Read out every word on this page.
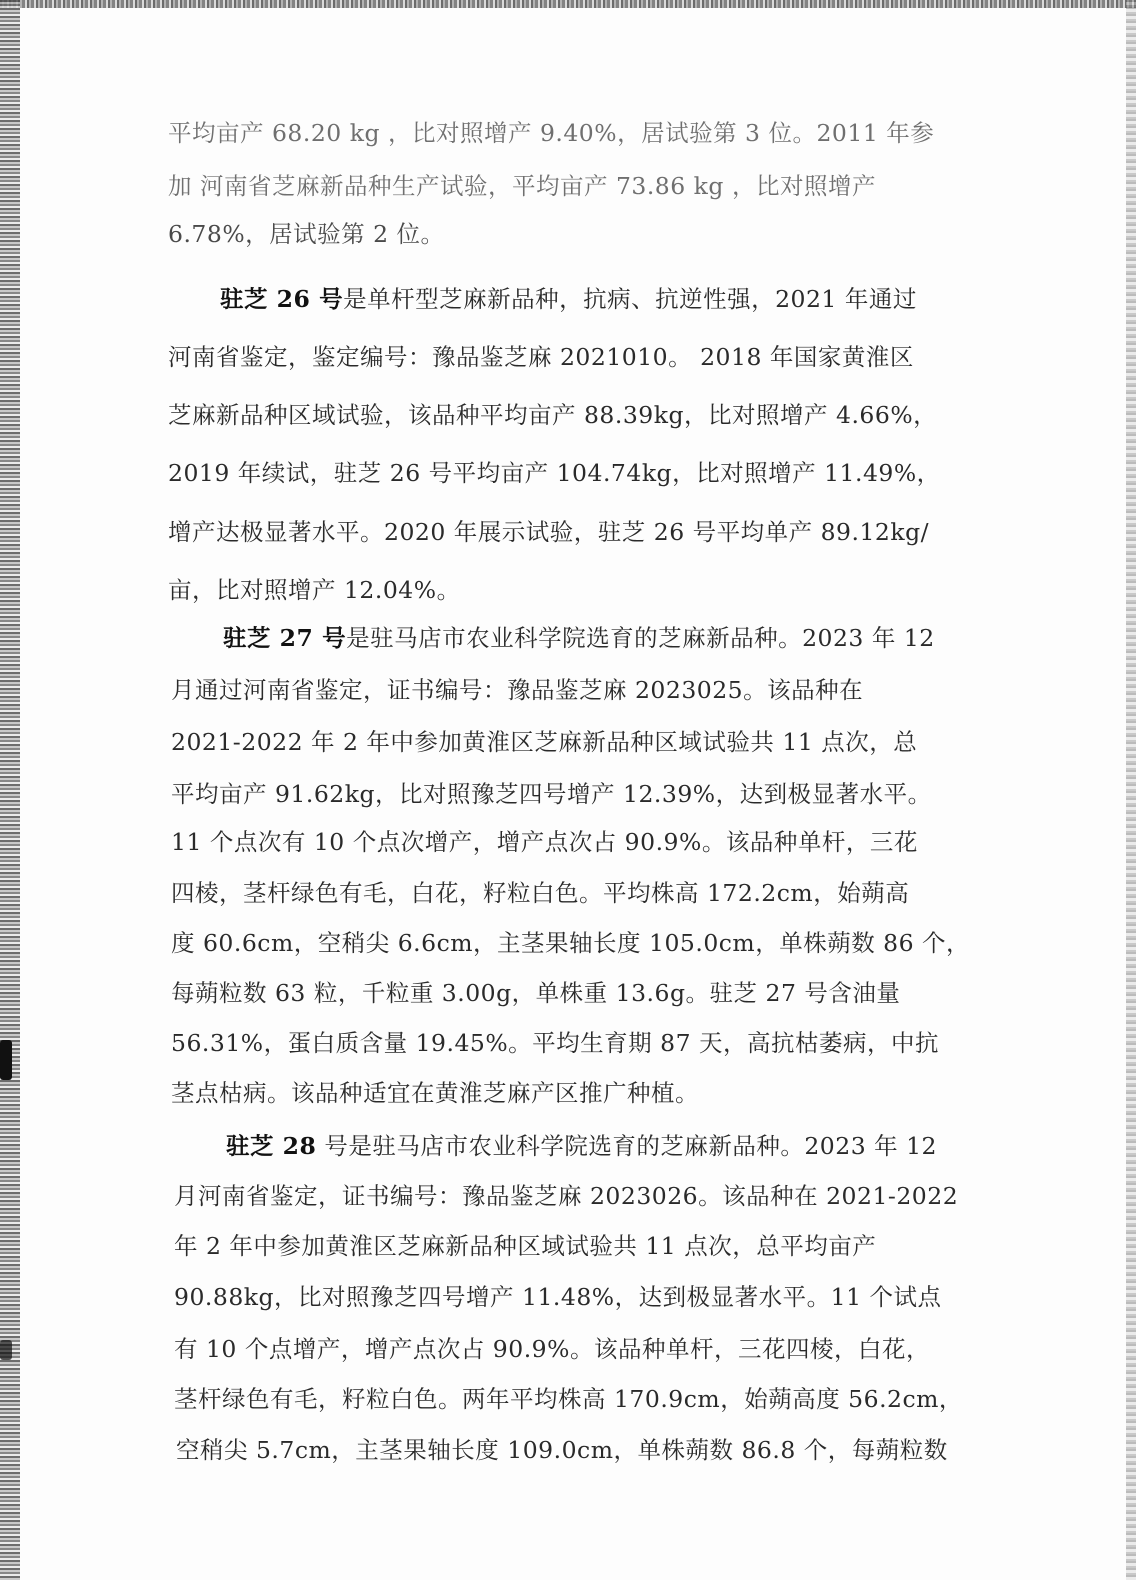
平均亩产 68.20 kg ，比对照增产 9.40%，居试验第 3 位。2011 年参
加 河南省芝麻新品种生产试验，平均亩产 73.86 kg ，比对照增产
6.78%，居试验第 2 位。
驻芝 26 号是单杆型芝麻新品种，抗病、抗逆性强，2021 年通过
河南省鉴定，鉴定编号：豫品鉴芝麻 2021010。 2018 年国家黄淮区
芝麻新品种区域试验，该品种平均亩产 88.39kg，比对照增产 4.66%，
2019 年续试，驻芝 26 号平均亩产 104.74kg，比对照增产 11.49%，
增产达极显著水平。2020 年展示试验，驻芝 26 号平均单产 89.12kg/
亩，比对照增产 12.04%。
驻芝 27 号是驻马店市农业科学院选育的芝麻新品种。2023 年 12
月通过河南省鉴定，证书编号：豫品鉴芝麻 2023025。该品种在
2021-2022 年 2 年中参加黄淮区芝麻新品种区域试验共 11 点次，总
平均亩产 91.62kg，比对照豫芝四号增产 12.39%，达到极显著水平。
11 个点次有 10 个点次增产，增产点次占 90.9%。该品种单杆，三花
四棱，茎杆绿色有毛，白花，籽粒白色。平均株高 172.2cm，始蒴高
度 60.6cm，空稍尖 6.6cm，主茎果轴长度 105.0cm，单株蒴数 86 个，
每蒴粒数 63 粒，千粒重 3.00g，单株重 13.6g。驻芝 27 号含油量
56.31%，蛋白质含量 19.45%。平均生育期 87 天，高抗枯萎病，中抗
茎点枯病。该品种适宜在黄淮芝麻产区推广种植。
驻芝 28 号是驻马店市农业科学院选育的芝麻新品种。2023 年 12
月河南省鉴定，证书编号：豫品鉴芝麻 2023026。该品种在 2021-2022
年 2 年中参加黄淮区芝麻新品种区域试验共 11 点次，总平均亩产
90.88kg，比对照豫芝四号增产 11.48%，达到极显著水平。11 个试点
有 10 个点增产，增产点次占 90.9%。该品种单杆，三花四棱，白花，
茎杆绿色有毛，籽粒白色。两年平均株高 170.9cm，始蒴高度 56.2cm，
空稍尖 5.7cm，主茎果轴长度 109.0cm，单株蒴数 86.8 个，每蒴粒数
